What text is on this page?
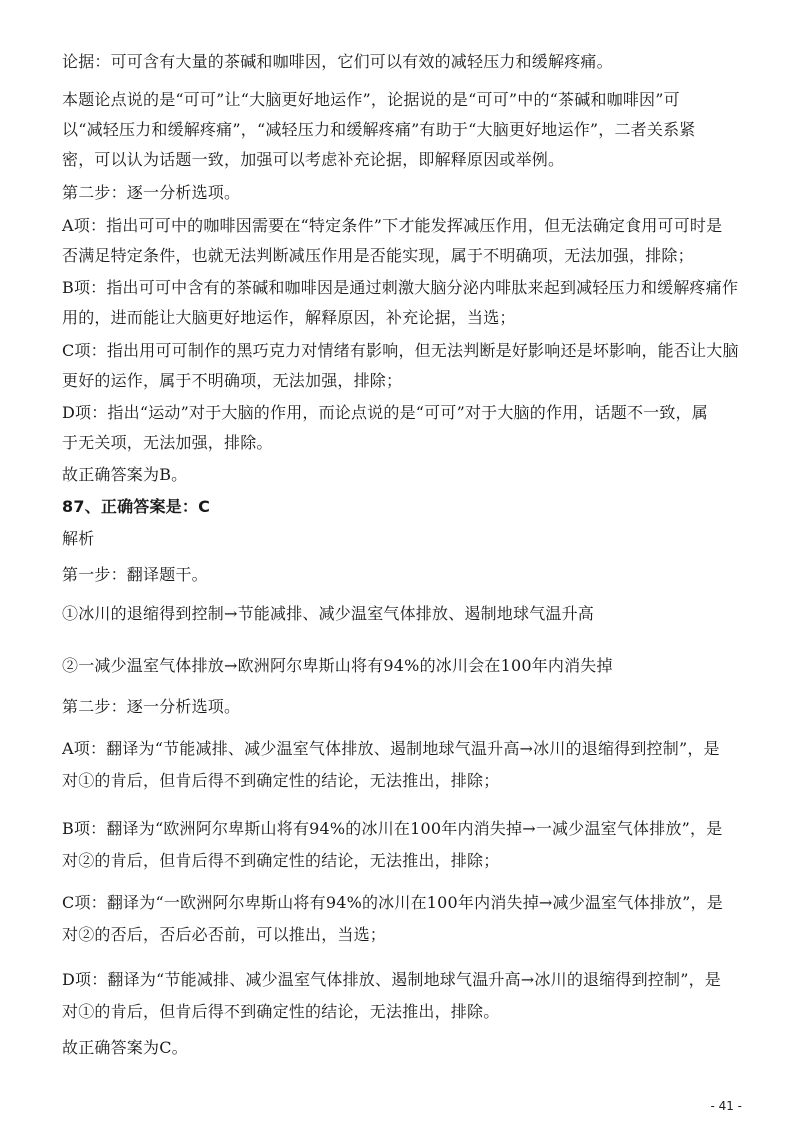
论据：可可含有大量的茶碱和咖啡因，它们可以有效的减轻压力和缓解疼痛。
本题论点说的是“可可”让“大脑更好地运作”，论据说的是“可可”中的“茶碱和咖啡因”可
以“减轻压力和缓解疼痛”，“减轻压力和缓解疼痛”有助于“大脑更好地运作”，二者关系紧
密，可以认为话题一致，加强可以考虑补充论据，即解释原因或举例。
第二步：逐一分析选项。
A项：指出可可中的咖啡因需要在“特定条件”下才能发挥减压作用，但无法确定食用可可时是
否满足特定条件，也就无法判断减压作用是否能实现，属于不明确项，无法加强，排除；
B项：指出可可中含有的茶碱和咖啡因是通过刺激大脑分泌内啡肽来起到减轻压力和缓解疼痛作
用的，进而能让大脑更好地运作，解释原因，补充论据，当选；
C项：指出用可可制作的黑巧克力对情绪有影响，但无法判断是好影响还是坏影响，能否让大脑
更好的运作，属于不明确项，无法加强，排除；
D项：指出“运动”对于大脑的作用，而论点说的是“可可”对于大脑的作用，话题不一致，属
于无关项，无法加强，排除。
故正确答案为B。
87、正确答案是：C
解析
第一步：翻译题干。
①冰川的退缩得到控制→节能减排、减少温室气体排放、遏制地球气温升高
②一减少温室气体排放→欧洲阿尔卑斯山将有94%的冰川会在100年内消失掉
第二步：逐一分析选项。
A项：翻译为“节能减排、减少温室气体排放、遏制地球气温升高→冰川的退缩得到控制”，是
对①的肯后，但肯后得不到确定性的结论，无法推出，排除；
B项：翻译为“欧洲阿尔卑斯山将有94%的冰川在100年内消失掉→一减少温室气体排放”，是
对②的肯后，但肯后得不到确定性的结论，无法推出，排除；
C项：翻译为“一欧洲阿尔卑斯山将有94%的冰川在100年内消失掉→减少温室气体排放”，是
对②的否后，否后必否前，可以推出，当选；
D项：翻译为“节能减排、减少温室气体排放、遏制地球气温升高→冰川的退缩得到控制”，是
对①的肯后，但肯后得不到确定性的结论，无法推出，排除。
故正确答案为C。
- 41 -
